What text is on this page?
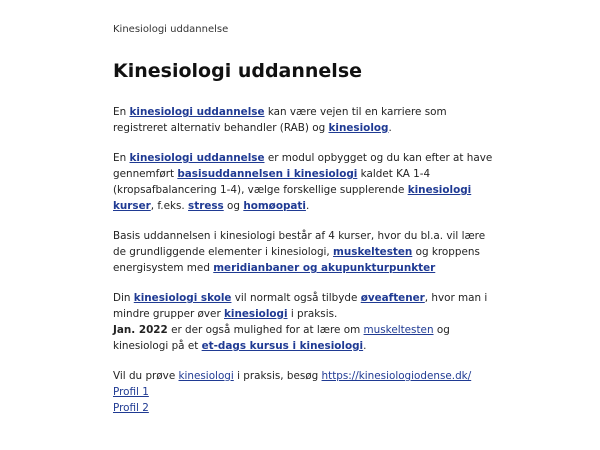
Kinesiologi uddannelse
Kinesiologi uddannelse

En kinesiologi uddannelse kan være vejen til en karriere som registreret alternativ behandler (RAB) og kinesiolog.

En kinesiologi uddannelse er modul opbygget og du kan efter at have gennemført basisuddannelsen i kinesiologi kaldet KA 1-4 (kropsafbalancering 1-4), vælge forskellige supplerende kinesiologi kurser, f.eks. stress og homøopati.

Basis uddannelsen i kinesiologi består af 4 kurser, hvor du bl.a. vil lære de grundliggende elementer i kinesiologi, muskeltesten og kroppens energisystem med meridianbaner og akupunkturpunkter

Din kinesiologi skole vil normalt også tilbyde øveaftener, hvor man i mindre grupper øver kinesiologi i praksis.
Jan. 2022 er der også mulighed for at lære om muskeltesten og kinesiologi på et et-dags kursus i kinesiologi.

Vil du prøve kinesiologi i praksis, besøg https://kinesiologiodense.dk/
Profil 1
Profil 2
